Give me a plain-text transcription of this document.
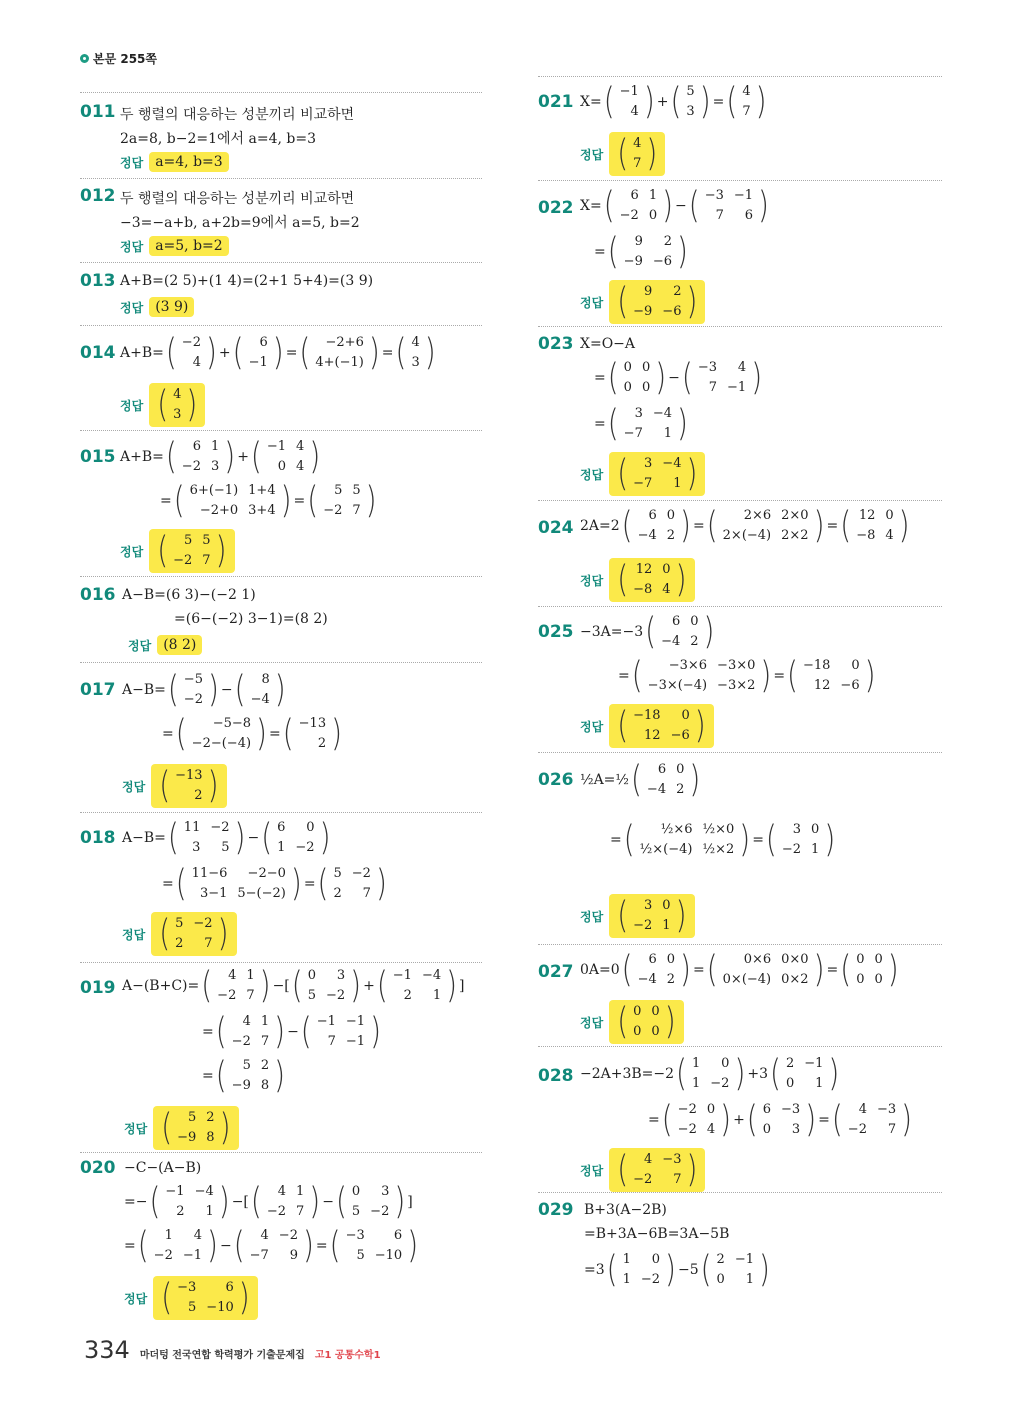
본문 255쪽
011 두 행렬의 대응하는 성분끼리 비교하면
2a=8, b−2=1에서 a=4, b=3
정답 a=4, b=3
012 두 행렬의 대응하는 성분끼리 비교하면
−3=−a+b, a+2b=9에서 a=5, b=2
정답 a=5, b=2
013 A+B=(2 5)+(1 4)=(2+1 5+4)=(3 9)
정답 (3 9)
014 A+B= ( −2
4 ) + ( 6
−1 ) = ( −2+6
4+(−1) ) = ( 4
3 )
정답 ( 4
3 )
015 A+B= ( 6	1
−2	3 ) + ( −1	4
0	4 )
= ( 6+(−1)	1+4
−2+0	3+4 ) = ( 5	5
−2	7 )
정답 ( 5	5
−2	7 )
016 A−B=(6 3)−(−2 1)
=(6−(−2) 3−1)=(8 2)
정답 (8 2)
017 A−B= ( −5
−2 ) − ( 8
−4 )
= ( −5−8
−2−(−4) ) = ( −13
2 )
정답 ( −13
2 )
018 A−B= ( 11	−2
3	5 ) − ( 6	0
1	−2 )
= ( 11−6	−2−0
3−1	5−(−2) ) = ( 5	−2
2	7 )
정답 ( 5	−2
2	7 )
019 A−(B+C)= ( 4	1
−2	7 ) −[ ( 0	3
5	−2 ) + ( −1	−4
2	1 ) ]
= ( 4	1
−2	7 ) − ( −1	−1
7	−1 )
= ( 5	2
−9	8 )
정답 ( 5	2
−9	8 )
020 −C−(A−B)
=− ( −1	−4
2	1 ) −[ ( 4	1
−2	7 ) − ( 0	3
5	−2 ) ]
= ( 1	4
−2	−1 ) − ( 4	−2
−7	9 ) = ( −3	6
5	−10 )
정답 ( −3	6
5	−10 )
021 X= ( −1
4 ) + ( 5
3 ) = ( 4
7 )
정답 ( 4
7 )
022 X= ( 6	1
−2	0 ) − ( −3	−1
7	6 )
= ( 9	2
−9	−6 )
정답 ( 9	2
−9	−6 )
023 X=O−A
= ( 0	0
0	0 ) − ( −3	4
7	−1 )
= ( 3	−4
−7	1 )
정답 ( 3	−4
−7	1 )
024 2A=2 ( 6	0
−4	2 ) = ( 2×6	2×0
2×(−4)	2×2 ) = ( 12	0
−8	4 )
정답 ( 12	0
−8	4 )
025 −3A=−3 ( 6	0
−4	2 )
= ( −3×6	−3×0
−3×(−4)	−3×2 ) = ( −18	0
12	−6 )
정답 ( −18	0
12	−6 )
026 ½A=½ ( 6	0
−4	2 )
= ( ½×6	½×0
½×(−4)	½×2 ) = ( 3	0
−2	1 )
정답 ( 3	0
−2	1 )
027 0A=0 ( 6	0
−4	2 ) = ( 0×6	0×0
0×(−4)	0×2 ) = ( 0	0
0	0 )
정답 ( 0	0
0	0 )
028 −2A+3B=−2 ( 1	0
1	−2 ) +3 ( 2	−1
0	1 )
= ( −2	0
−2	4 ) + ( 6	−3
0	3 ) = ( 4	−3
−2	7 )
정답 ( 4	−3
−2	7 )
029 B+3(A−2B)
=B+3A−6B=3A−5B
=3 ( 1	0
1	−2 ) −5 ( 2	−1
0	1 )
334 마더텅 전국연합 학력평가 기출문제집 고1 공통수학1
